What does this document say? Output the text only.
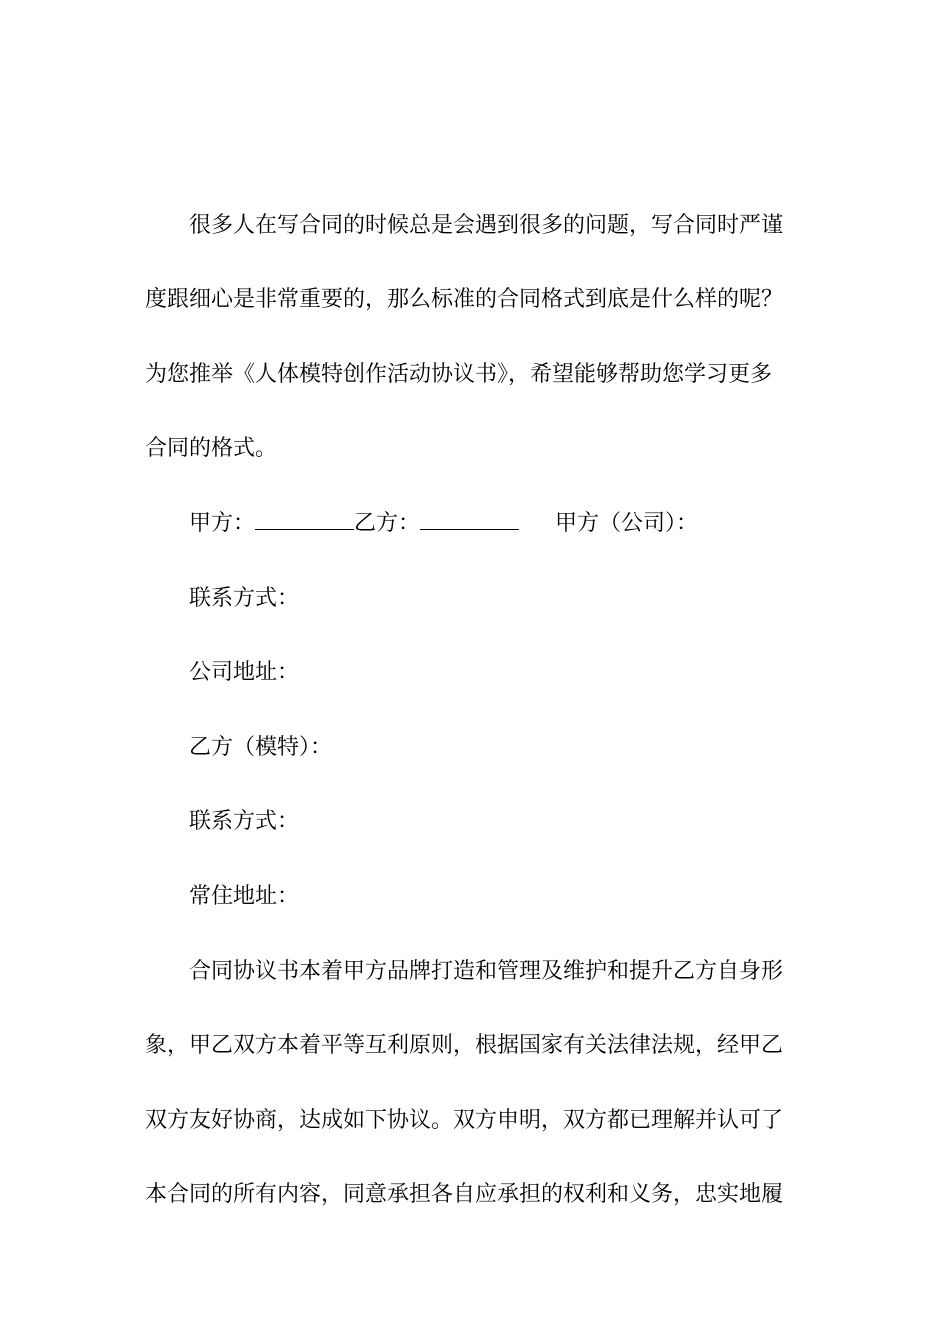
很多人在写合同的时候总是会遇到很多的问题，写合同时严谨
度跟细心是非常重要的，那么标准的合同格式到底是什么样的呢？
为您推举《人体模特创作活动协议书》，希望能够帮助您学习更多
合同的格式。
甲方：	乙方：	甲方（公司）：
联系方式：
公司地址：
乙方（模特）：
联系方式：
常住地址：
合同协议书本着甲方品牌打造和管理及维护和提升乙方自身形
象，甲乙双方本着平等互利原则，根据国家有关法律法规，经甲乙
双方友好协商，达成如下协议。双方申明，双方都已理解并认可了
本合同的所有内容，同意承担各自应承担的权利和义务，忠实地履
